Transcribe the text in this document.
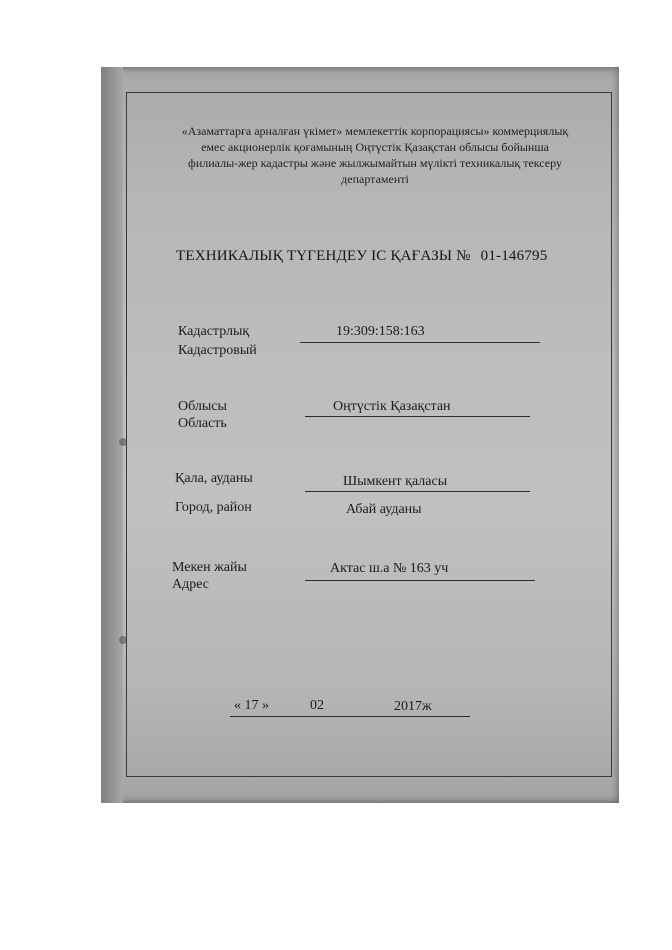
«Азаматтарға арналған үкімет» мемлекеттік корпорациясы» коммерциялық
емес акционерлік қоғамының Оңтүстік Қазақстан облысы бойынша
филиалы-жер кадастры және жылжымайтын мүлікті техникалық тексеру
департаменті
ТЕХНИКАЛЫҚ ТҮГЕНДЕУ ІС ҚАҒАЗЫ № 01-146795
Кадастрлық
Кадастровый
19:309:158:163
Облысы
Область
Оңтүстік Қазақстан
Қала, ауданы
Город, район
Шымкент қаласы
Абай ауданы
Мекен жайы
Адрес
Актас ш.а № 163 уч
« 17 »	02	2017ж
